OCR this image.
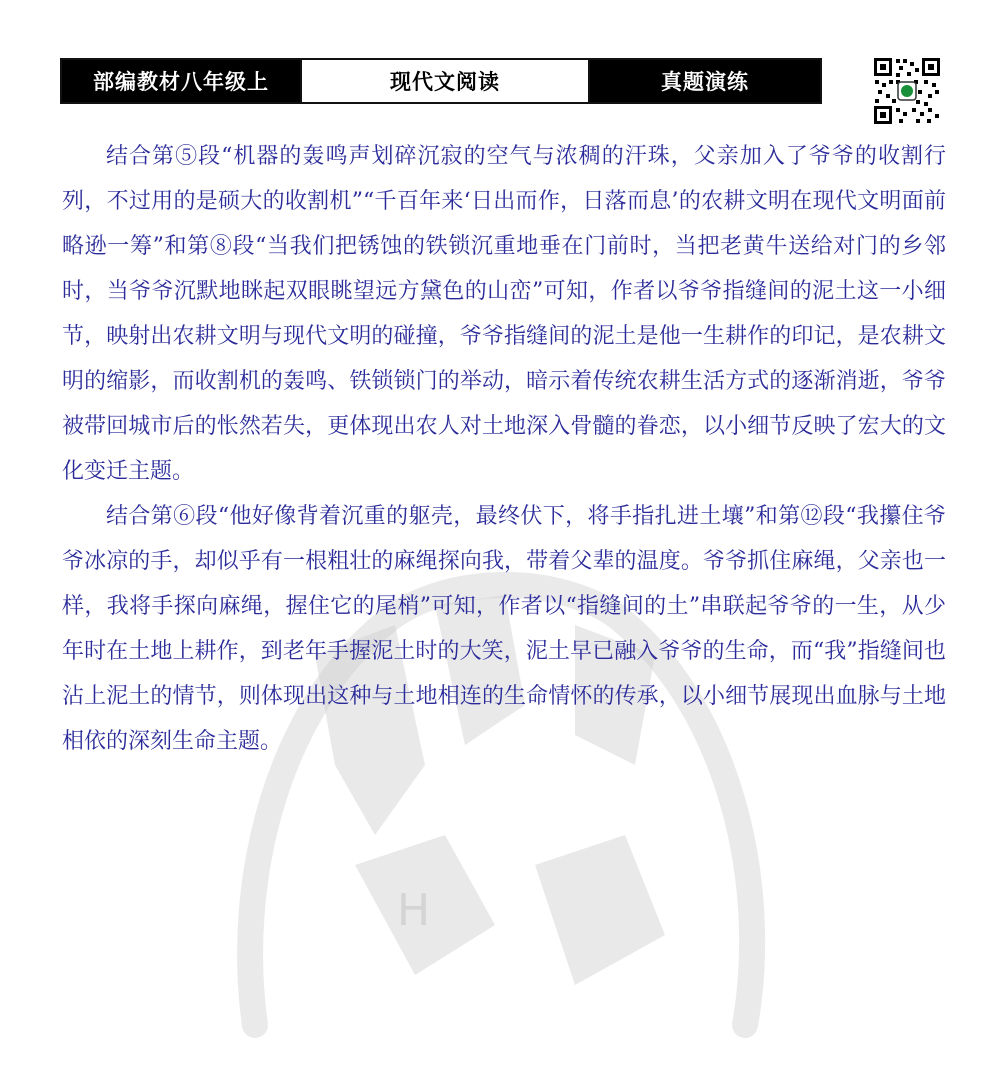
H
部编教材八年级上	现代文阅读	真题演练

结合第⑤段“机器的轰鸣声划碎沉寂的空气与浓稠的汗珠，父亲加入了爷爷的收割行列，不过用的是硕大的收割机”“千百年来‘日出而作，日落而息’的农耕文明在现代文明面前略逊一筹”和第⑧段“当我们把锈蚀的铁锁沉重地垂在门前时，当把老黄牛送给对门的乡邻时，当爷爷沉默地眯起双眼眺望远方黛色的山峦”可知，作者以爷爷指缝间的泥土这一小细节，映射出农耕文明与现代文明的碰撞，爷爷指缝间的泥土是他一生耕作的印记，是农耕文明的缩影，而收割机的轰鸣、铁锁锁门的举动，暗示着传统农耕生活方式的逐渐消逝，爷爷被带回城市后的怅然若失，更体现出农人对土地深入骨髓的眷恋，以小细节反映了宏大的文化变迁主题。

结合第⑥段“他好像背着沉重的躯壳，最终伏下，将手指扎进土壤”和第⑫段“我攥住爷爷冰凉的手，却似乎有一根粗壮的麻绳探向我，带着父辈的温度。爷爷抓住麻绳，父亲也一样，我将手探向麻绳，握住它的尾梢”可知，作者以“指缝间的土”串联起爷爷的一生，从少年时在土地上耕作，到老年手握泥土时的大笑，泥土早已融入爷爷的生命，而“我”指缝间也沾上泥土的情节，则体现出这种与土地相连的生命情怀的传承，以小细节展现出血脉与土地相依的深刻生命主题。
